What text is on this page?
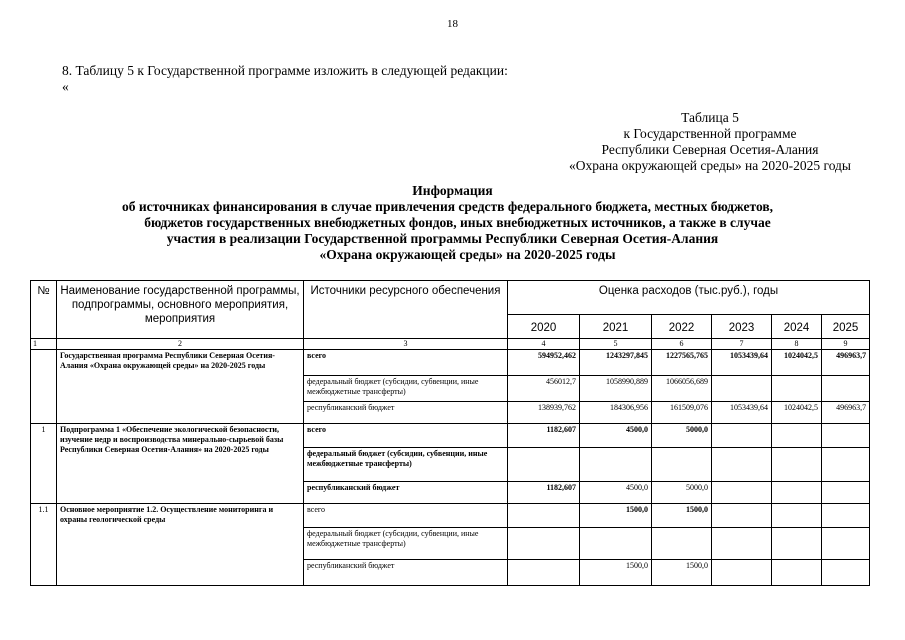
18
8. Таблицу 5 к Государственной программе изложить в следующей редакции:
«
Таблица 5
к Государственной программе
Республики Северная Осетия-Алания
«Охрана окружающей среды» на 2020-2025 годы
Информация
об источниках финансирования в случае привлечения средств федерального бюджета, местных бюджетов,
бюджетов государственных внебюджетных фондов, иных внебюджетных источников, а также в случае
участия в реализации Государственной программы Республики Северная Осетия-Алания
«Охрана окружающей среды» на 2020-2025 годы
№	Наименование государственной программы, подпрограммы, основного мероприятия, мероприятия	Источники ресурсного обеспечения	Оценка расходов (тыс.руб.), годы					
			2020	2021	2022	2023	2024	2025
1	2	3	4	5	6	7	8	9
	Государственная программа Республики Северная Осетия-Алания «Охрана окружающей среды» на 2020-2025 годы	всего	594952,462	1243297,845	1227565,765	1053439,64	1024042,5	496963,7
		федеральный бюджет (субсидии, субвенции, иные межбюджетные трансферты)	456012,7	1058990,889	1066056,689			
		республиканский бюджет	138939,762	184306,956	161509,076	1053439,64	1024042,5	496963,7
1	Подпрограмма 1 «Обеспечение экологической безопасности, изучение недр и воспроизводства минерально-сырьевой базы Республики Северная Осетия-Алания» на 2020-2025 годы	всего	1182,607	4500,0	5000,0			
		федеральный бюджет (субсидии, субвенции, иные межбюджетные трансферты)						
		республиканский бюджет	1182,607	4500,0	5000,0			
1.1	Основное мероприятие 1.2. Осуществление мониторинга и охраны геологической среды	всего		1500,0	1500,0			
		федеральный бюджет (субсидии, субвенции, иные межбюджетные трансферты)						
		республиканский бюджет		1500,0	1500,0			
